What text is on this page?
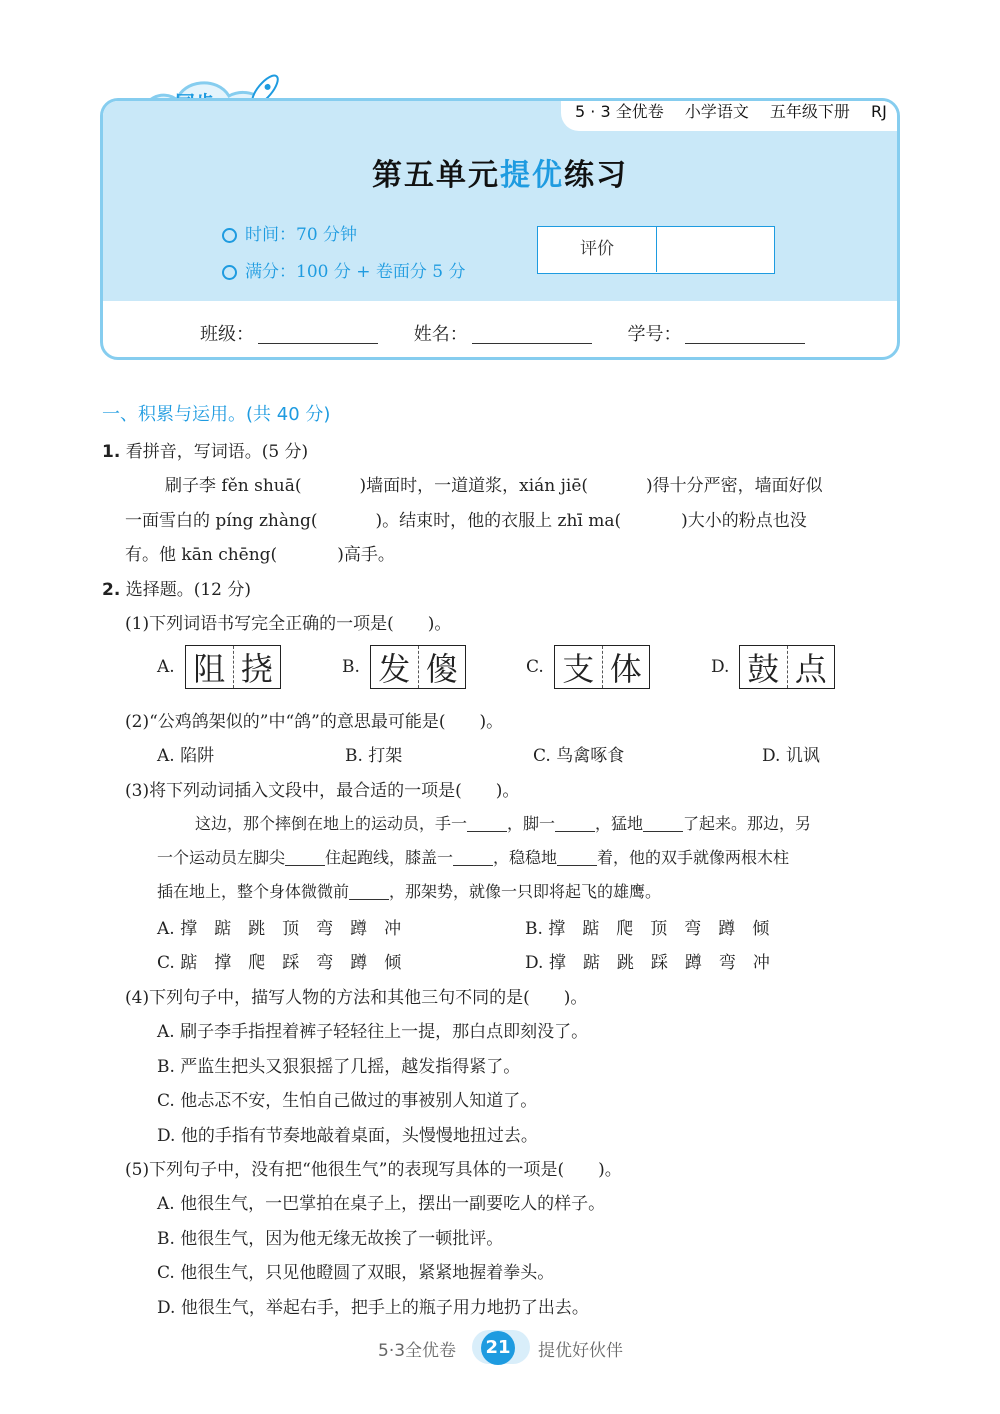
5 · 3 全优卷 小学语文 五年级下册 RJ
第五单元提优练习
时间：70 分钟
满分：100 分 + 卷面分 5 分
评价
班级：	姓名：	学号：
一、积累与运用。(共 40 分)
1. 看拼音，写词语。(5 分)
刷子李 fěn shuā(	)墙面时，一道道浆，xián jiē(	)得十分严密，墙面好似
一面雪白的 píng zhàng(	)。结束时，他的衣服上 zhī ma(	)大小的粉点也没
有。他 kān chēng(	)高手。
2. 选择题。(12 分)
(1)下列词语书写完全正确的一项是(　　)。
A. 阻 挠	B. 发 傻	C. 支 体	D. 鼓 点
(2)“公鸡鸽架似的”中“鸽”的意思最可能是(　　)。
A. 陷阱	B. 打架	C. 鸟禽啄食	D. 讥讽
(3)将下列动词插入文段中，最合适的一项是(　　)。
这边，那个摔倒在地上的运动员，手一	，脚一	，猛地	了起来。那边，另
一个运动员左脚尖	住起跑线，膝盖一	，稳稳地	着，他的双手就像两根木柱
插在地上，整个身体微微前	，那架势，就像一只即将起飞的雄鹰。
A. 撑　踮　跳　顶　弯　蹲　冲	B. 撑　踮　爬　顶　弯　蹲　倾
C. 踮　撑　爬　踩　弯　蹲　倾	D. 撑　踮　跳　踩　蹲　弯　冲
(4)下列句子中，描写人物的方法和其他三句不同的是(　　)。
A. 刷子李手指捏着裤子轻轻往上一提，那白点即刻没了。
B. 严监生把头又狠狠摇了几摇，越发指得紧了。
C. 他忐忑不安，生怕自己做过的事被别人知道了。
D. 他的手指有节奏地敲着桌面，头慢慢地扭过去。
(5)下列句子中，没有把“他很生气”的表现写具体的一项是(　　)。
A. 他很生气，一巴掌拍在桌子上，摆出一副要吃人的样子。
B. 他很生气，因为他无缘无故挨了一顿批评。
C. 他很生气，只见他瞪圆了双眼，紧紧地握着拳头。
D. 他很生气，举起右手，把手上的瓶子用力地扔了出去。
5·3全优卷 21 提优好伙伴
